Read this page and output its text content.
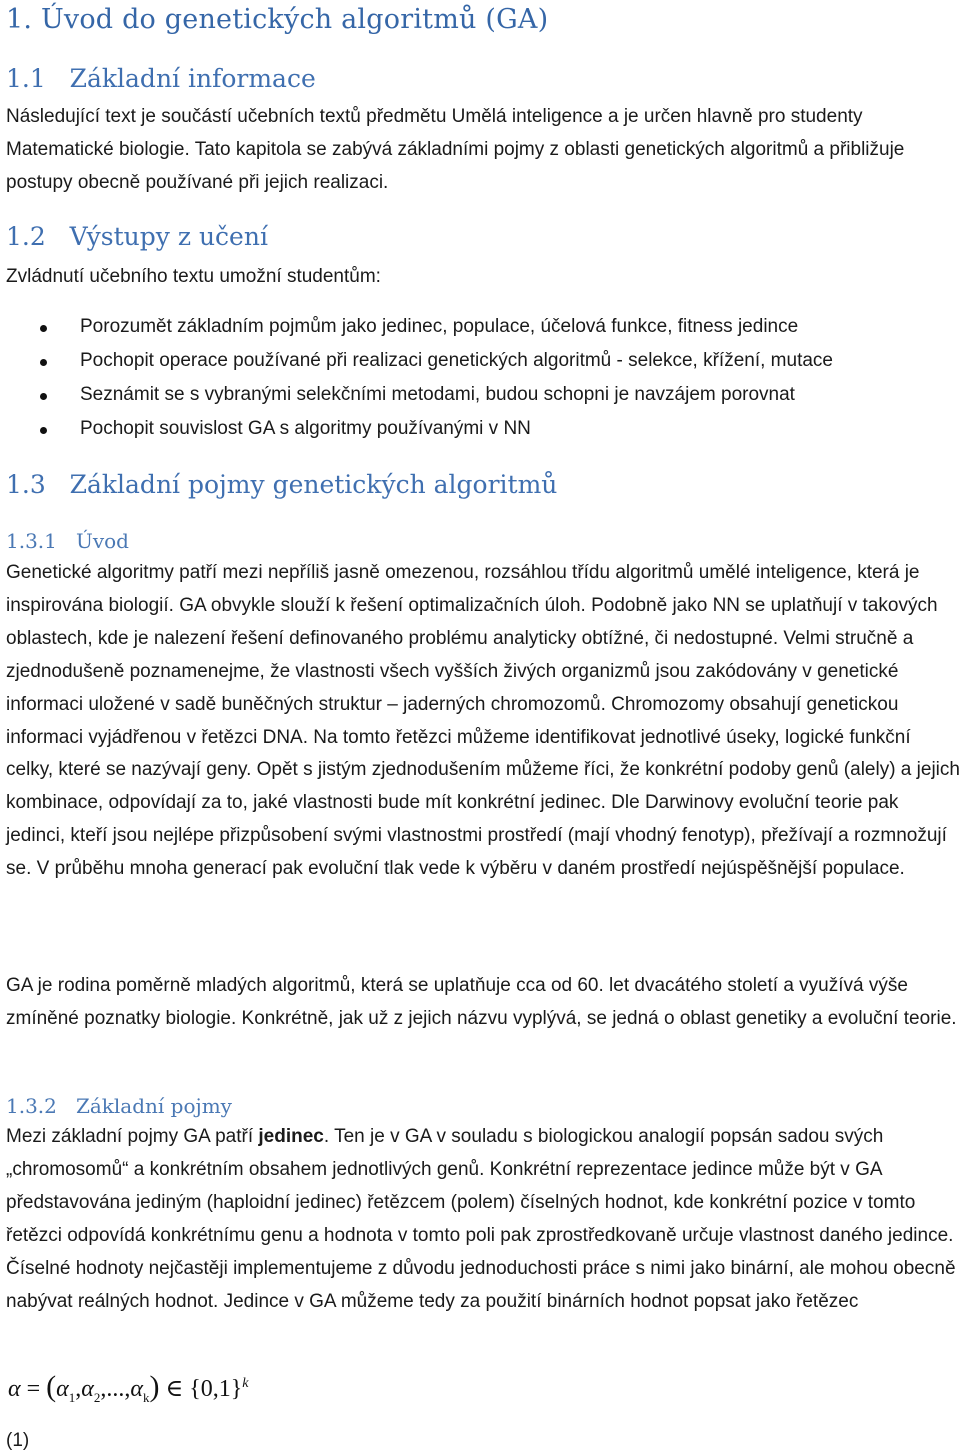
1. Úvod do genetických algoritmů (GA)
1.1 Základní informace

Následující text je součástí učebních textů předmětu Umělá inteligence a je určen hlavně pro studenty Matematické biologie. Tato kapitola se zabývá základními pojmy z oblasti genetických algoritmů a přibližuje postupy obecně používané při jejich realizaci.

1.2 Výstupy z učení

Zvládnutí učebního textu umožní studentům:

Porozumět základním pojmům jako jedinec, populace, účelová funkce, fitness jedince
Pochopit operace používané při realizaci genetických algoritmů - selekce, křížení, mutace
Seznámit se s vybranými selekčními metodami, budou schopni je navzájem porovnat
Pochopit souvislost GA s algoritmy používanými v NN
1.3 Základní pojmy genetických algoritmů
1.3.1 Úvod

Genetické algoritmy patří mezi nepříliš jasně omezenou, rozsáhlou třídu algoritmů umělé inteligence, která je inspirována biologií. GA obvykle slouží k řešení optimalizačních úloh. Podobně jako NN se uplatňují v takových oblastech, kde je nalezení řešení definovaného problému analyticky obtížné, či nedostupné. Velmi stručně a zjednodušeně poznamenejme, že vlastnosti všech vyšších živých organizmů jsou zakódovány v genetické informaci uložené v sadě buněčných struktur – jaderných chromozomů. Chromozomy obsahují genetickou informaci vyjádřenou v řetězci DNA. Na tomto řetězci můžeme identifikovat jednotlivé úseky, logické funkční celky, které se nazývají geny. Opět s jistým zjednodušením můžeme říci, že konkrétní podoby genů (alely) a jejich kombinace, odpovídají za to, jaké vlastnosti bude mít konkrétní jedinec. Dle Darwinovy evoluční teorie pak jedinci, kteří jsou nejlépe přizpůsobení svými vlastnostmi prostředí (mají vhodný fenotyp), přežívají a rozmnožují se. V průběhu mnoha generací pak evoluční tlak vede k výběru v daném prostředí nejúspěšnější populace.

GA je rodina poměrně mladých algoritmů, která se uplatňuje cca od 60. let dvacátého století a využívá výše zmíněné poznatky biologie. Konkrétně, jak už z jejich názvu vyplývá, se jedná o oblast genetiky a evoluční teorie.

1.3.2 Základní pojmy

Mezi základní pojmy GA patří jedinec. Ten je v GA v souladu s biologickou analogií popsán sadou svých „chromosomů“ a konkrétním obsahem jednotlivých genů. Konkrétní reprezentace jedince může být v GA představována jediným (haploidní jedinec) řetězcem (polem) číselných hodnot, kde konkrétní pozice v tomto řetězci odpovídá konkrétnímu genu a hodnota v tomto poli pak zprostředkovaně určuje vlastnost daného jedince. Číselné hodnoty nejčastěji implementujeme z důvodu jednoduchosti práce s nimi jako binární, ale mohou obecně nabývat reálných hodnot. Jedince v GA můžeme tedy za použití binárních hodnot popsat jako řetězec

$\alpha = (\alpha_1,\alpha_2,...,\alpha_k)$ ∈ $\{0,1\}^k$
(1)
